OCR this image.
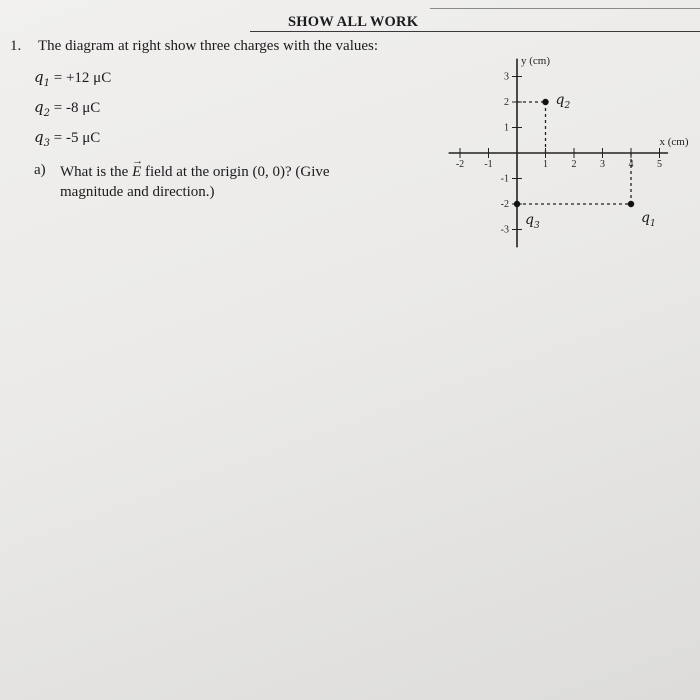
SHOW ALL WORK
1. The diagram at right show three charges with the values:
$q_1 = +12$ μC
$q_2 = -8$ μC
$q_3 = -5$ μC
a) What is the → E field at the origin (0, 0)? (Give magnitude and direction.)
-2 -1	1 2 3 4 5
3
2
1
-1
-2
-3
x (cm)
y (cm)
$q_1$
$q_2$
$q_3$
